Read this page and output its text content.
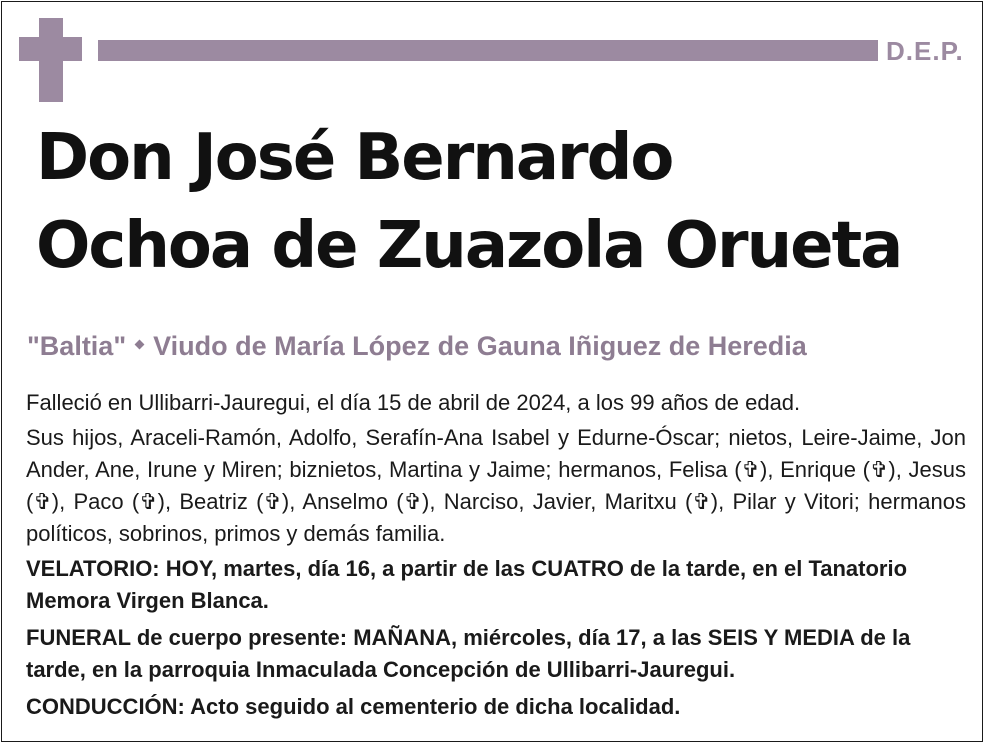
D.E.P.
Don José Bernardo
Ochoa de Zuazola Orueta
"Baltia" Viudo de María López de Gauna Iñiguez de Heredia

Falleció en Ullibarri-Jauregui, el día 15 de abril de 2024, a los 99 años de edad.

Sus hijos, Araceli-Ramón, Adolfo, Serafín-Ana Isabel y Edurne-Óscar; nietos, Leire-Jaime, Jon Ander, Ane, Irune y Miren; biznietos, Martina y Jaime; hermanos, Felisa (✞), Enrique (✞), Jesus (✞), Paco (✞), Beatriz (✞), Anselmo (✞), Narciso, Javier, Maritxu (✞), Pilar y Vitori; hermanos políticos, sobrinos, primos y demás familia.

VELATORIO: HOY, martes, día 16, a partir de las CUATRO de la tarde, en el Tanatorio Memora Virgen Blanca.

FUNERAL de cuerpo presente: MAÑANA, miércoles, día 17, a las SEIS Y MEDIA de la tarde, en la parroquia Inmaculada Concepción de Ullibarri-Jauregui.

CONDUCCIÓN: Acto seguido al cementerio de dicha localidad.
